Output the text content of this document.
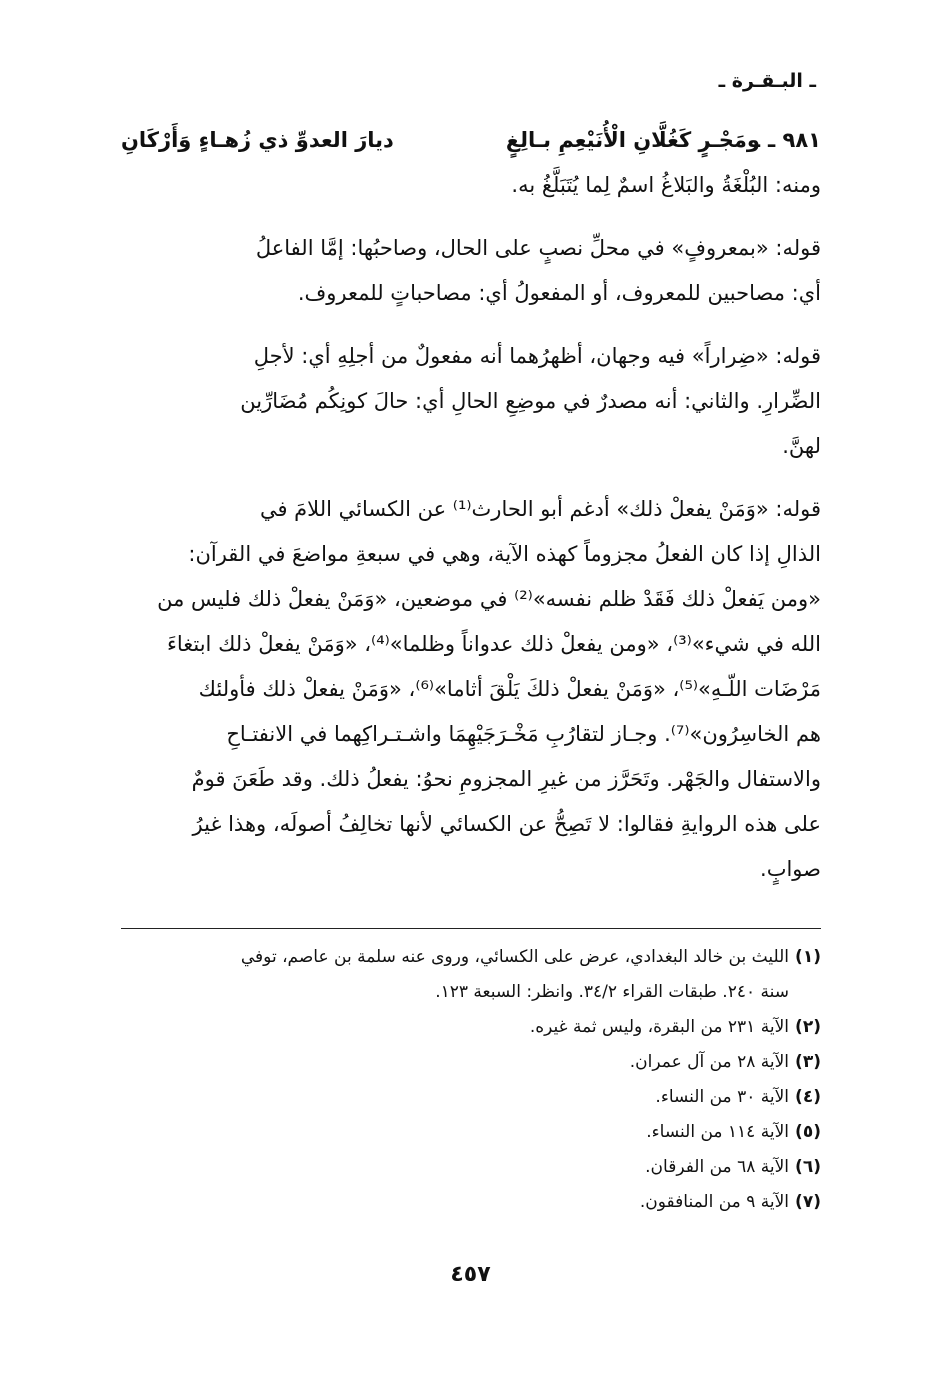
ـ البـقـرة ـ
٩٨١ ـومَجْـرٍ كَغُلَّانِ الْأُنَيْعِمِ بـالِغٍ
ديارَ العدوِّ ذي زُهـاءٍ وَأَرْكَانِ
ومنه: البُلْغَةُ والبَلاغُ اسمٌ لِما يُتَبَلَّغُ به.
قوله: «بمعروفٍ» في محلِّ نصبٍ على الحال، وصاحبُها: إمَّا الفاعلُ
أي: مصاحبين للمعروف، أو المفعولُ أي: مصاحباتٍ للمعروف.
قوله: «ضِراراً» فيه وجهان، أظهرُهما أنه مفعولٌ من أجلِهِ أي: لأجلِ
الضِّرارِ. والثاني: أنه مصدرٌ في موضِعِ الحالِ أي: حالَ كونِكُم مُضَارِّين
لهنَّ.
قوله: «وَمَنْ يفعلْ ذلك» أدغم أبو الحارث⁽¹⁾ عن الكسائي اللامَ في
الذالِ إذا كان الفعلُ مجزوماً كهذه الآية، وهي في سبعةِ مواضعَ في القرآن:
«ومن يَفعلْ ذلك فَقَدْ ظلم نفسه»⁽²⁾ في موضعين، «وَمَنْ يفعلْ ذلك فليس من
الله في شيء»⁽³⁾، «ومن يفعلْ ذلك عدواناً وظلما»⁽⁴⁾، «وَمَنْ يفعلْ ذلك ابتغاءَ
مَرْضَات اللّـهِ»⁽⁵⁾، «وَمَنْ يفعلْ ذلكَ يَلْقَ أثاما»⁽⁶⁾، «وَمَنْ يفعلْ ذلك فأولئك
هم الخاسِرُون»⁽⁷⁾. وجـاز لتقارُبِ مَخْـرَجَيْهِمَا واشـتـراكِهما في الانفتـاحِ
والاستفال والجَهْر. وتَحَرَّز من غيرِ المجزومِ نحوُ: يفعلُ ذلك. وقد طَعَنَ قومٌ
على هذه الروايةِ فقالوا: لا تَصِحُّ عن الكسائي لأنها تخالِفُ أصولَه، وهذا غيرُ
صوابٍ.
(١)الليث بن خالد البغدادي، عرض على الكسائي، وروى عنه سلمة بن عاصم، توفي
سنة ٢٤٠. طبقات القراء ٣٤/٢. وانظر: السبعة ١٢٣.
(٢)الآية ٢٣١ من البقرة، وليس ثمة غيره.
(٣)الآية ٢٨ من آل عمران.
(٤)الآية ٣٠ من النساء.
(٥)الآية ١١٤ من النساء.
(٦)الآية ٦٨ من الفرقان.
(٧)الآية ٩ من المنافقون.
٤٥٧
